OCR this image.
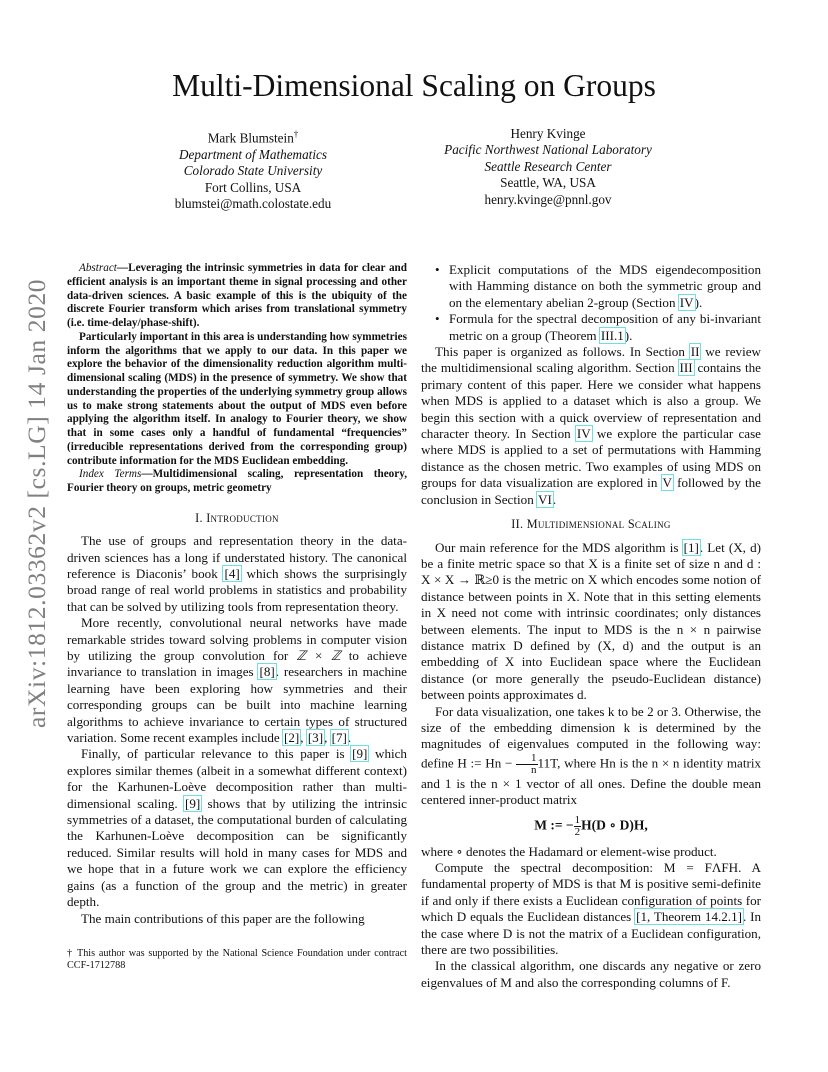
arXiv:1812.03362v2 [cs.LG] 14 Jan 2020
Multi-Dimensional Scaling on Groups
Mark Blumstein†
Department of Mathematics
Colorado State University
Fort Collins, USA
blumstei@math.colostate.edu
Henry Kvinge
Pacific Northwest National Laboratory
Seattle Research Center
Seattle, WA, USA
henry.kvinge@pnnl.gov

Abstract—Leveraging the intrinsic symmetries in data for clear and efficient analysis is an important theme in signal processing and other data-driven sciences. A basic example of this is the ubiquity of the discrete Fourier transform which arises from translational symmetry (i.e. time-delay/phase-shift).

Particularly important in this area is understanding how symmetries inform the algorithms that we apply to our data. In this paper we explore the behavior of the dimensionality reduction algorithm multi-dimensional scaling (MDS) in the presence of symmetry. We show that understanding the properties of the underlying symmetry group allows us to make strong statements about the output of MDS even before applying the algorithm itself. In analogy to Fourier theory, we show that in some cases only a handful of fundamental “frequencies” (irreducible representations derived from the corresponding group) contribute information for the MDS Euclidean embedding.

Index Terms—Multidimensional scaling, representation theory, Fourier theory on groups, metric geometry

I. Introduction

The use of groups and representation theory in the data-driven sciences has a long if understated history. The canonical reference is Diaconis’ book [4] which shows the surprisingly broad range of real world problems in statistics and probability that can be solved by utilizing tools from representation theory.

More recently, convolutional neural networks have made remarkable strides toward solving problems in computer vision by utilizing the group convolution for ℤ × ℤ to achieve invariance to translation in images [8]. researchers in machine learning have been exploring how symmetries and their corresponding groups can be built into machine learning algorithms to achieve invariance to certain types of structured variation. Some recent examples include [2], [3], [7].

Finally, of particular relevance to this paper is [9] which explores similar themes (albeit in a somewhat different context) for the Karhunen-Loève decomposition rather than multi-dimensional scaling. [9] shows that by utilizing the intrinsic symmetries of a dataset, the computational burden of calculating the Karhunen-Loève decomposition can be significantly reduced. Similar results will hold in many cases for MDS and we hope that in a future work we can explore the efficiency gains (as a function of the group and the metric) in greater depth.

The main contributions of this paper are the following

† This author was supported by the National Science Foundation under contract CCF-1712788
• Explicit computations of the MDS eigendecomposition with Hamming distance on both the symmetric group and on the elementary abelian 2-group (Section IV).
• Formula for the spectral decomposition of any bi-invariant metric on a group (Theorem III.1).

This paper is organized as follows. In Section II we review the multidimensional scaling algorithm. Section III contains the primary content of this paper. Here we consider what happens when MDS is applied to a dataset which is also a group. We begin this section with a quick overview of representation and character theory. In Section IV we explore the particular case where MDS is applied to a set of permutations with Hamming distance as the chosen metric. Two examples of using MDS on groups for data visualization are explored in V followed by the conclusion in Section VI.

II. Multidimensional Scaling

Our main reference for the MDS algorithm is [1]. Let (X, d) be a finite metric space so that X is a finite set of size n and d : X × X → ℝ≥0 is the metric on X which encodes some notion of distance between points in X. Note that in this setting elements in X need not come with intrinsic coordinates; only distances between elements. The input to MDS is the n × n pairwise distance matrix D defined by (X, d) and the output is an embedding of X into Euclidean space where the Euclidean distance (or more generally the pseudo-Euclidean distance) between points approximates d.

For data visualization, one takes k to be 2 or 3. Otherwise, the size of the embedding dimension k is determined by the magnitudes of eigenvalues computed in the following way: define H := $Hn - \frac{1}{n} 11T$, where Hn is the n × n identity matrix and 1 is the n × 1 vector of all ones. Define the double mean centered inner-product matrix

M := − $\frac{1}{2} H(D$ ∘ D)H,

where ∘ denotes the Hadamard or element-wise product.

Compute the spectral decomposition: M = FΛFH. A fundamental property of MDS is that M is positive semi-definite if and only if there exists a Euclidean configuration of points for which D equals the Euclidean distances [1, Theorem 14.2.1]. In the case where D is not the matrix of a Euclidean configuration, there are two possibilities.

In the classical algorithm, one discards any negative or zero eigenvalues of M and also the corresponding columns of F.
